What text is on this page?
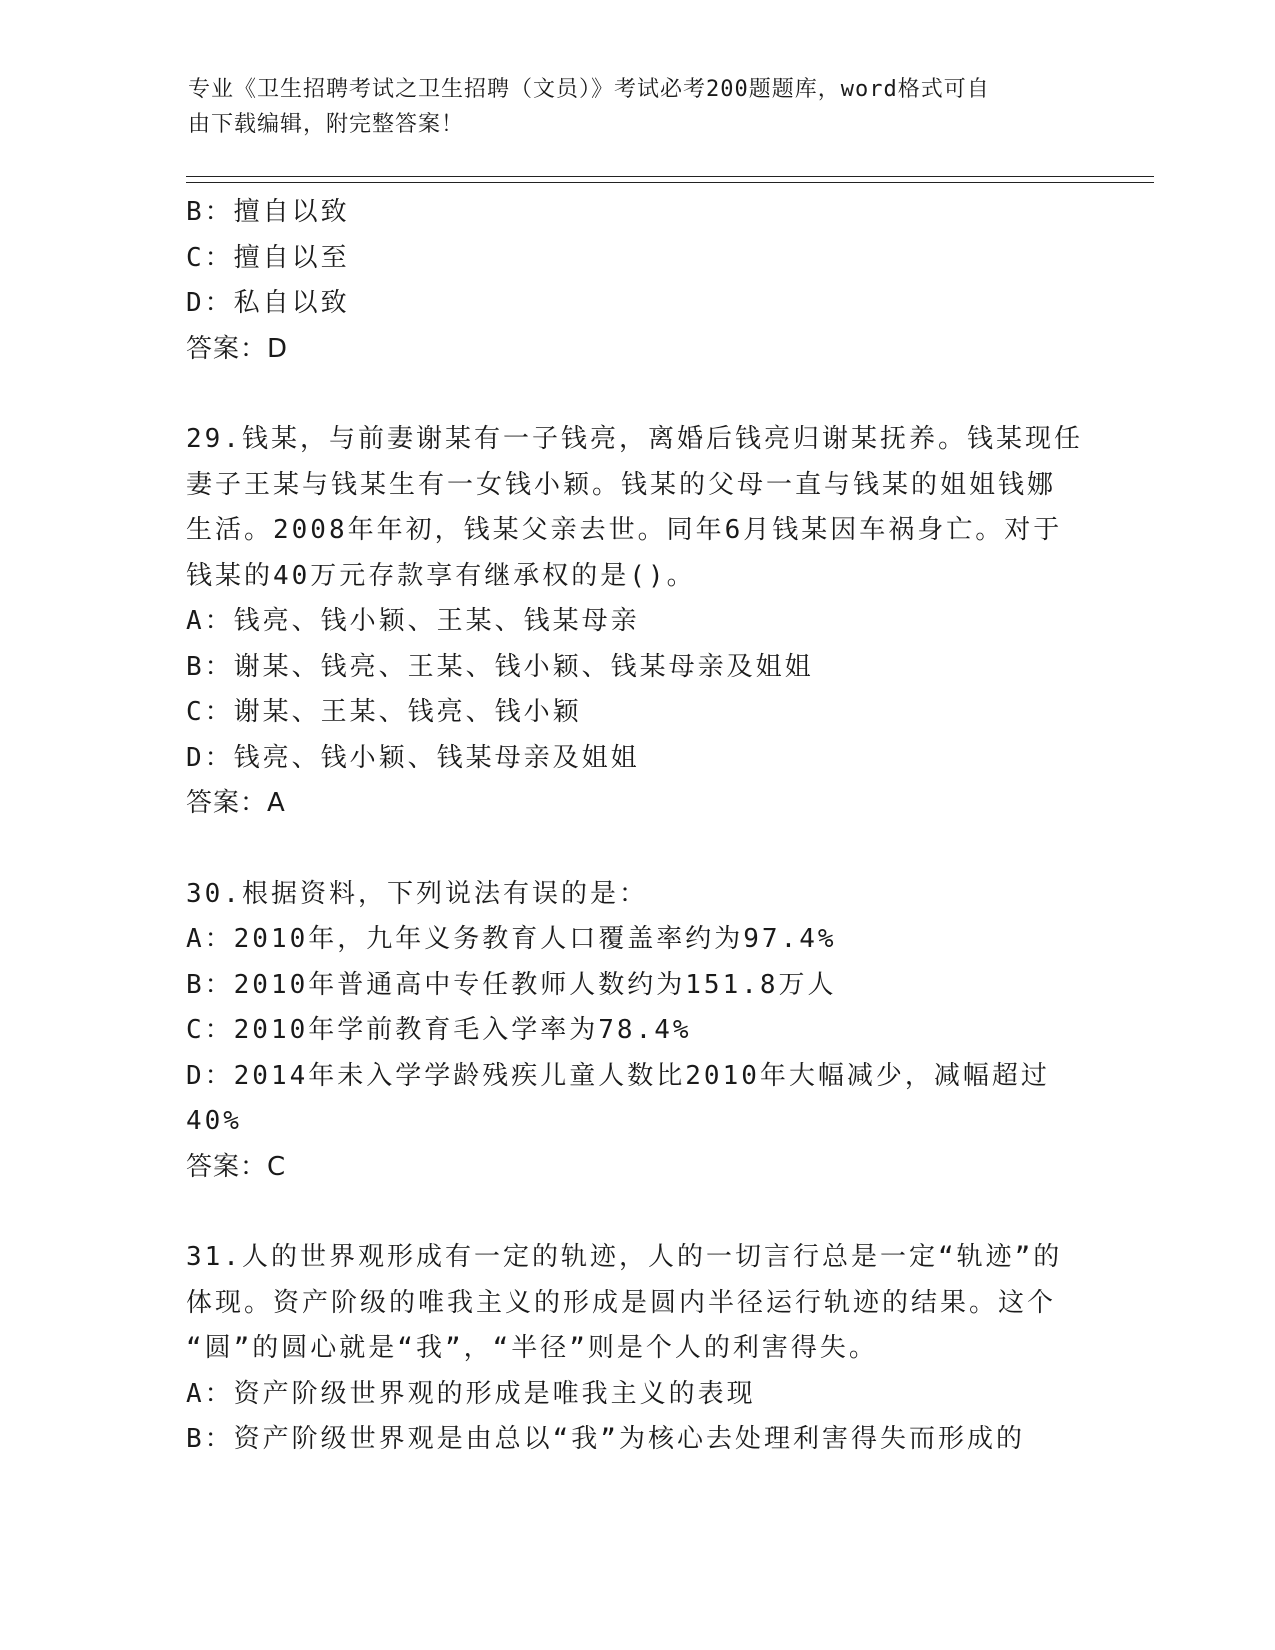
专业《卫生招聘考试之卫生招聘（文员）》考试必考200题题库，word格式可自
由下载编辑，附完整答案！
B：擅自以致
C：擅自以至
D：私自以致
答案：D
29.钱某，与前妻谢某有一子钱亮，离婚后钱亮归谢某抚养。钱某现任
妻子王某与钱某生有一女钱小颖。钱某的父母一直与钱某的姐姐钱娜
生活。2008年年初，钱某父亲去世。同年6月钱某因车祸身亡。对于
钱某的40万元存款享有继承权的是()。
A：钱亮、钱小颖、王某、钱某母亲
B：谢某、钱亮、王某、钱小颖、钱某母亲及姐姐
C：谢某、王某、钱亮、钱小颖
D：钱亮、钱小颖、钱某母亲及姐姐
答案：A
30.根据资料，下列说法有误的是：
A：2010年，九年义务教育人口覆盖率约为97.4%
B：2010年普通高中专任教师人数约为151.8万人
C：2010年学前教育毛入学率为78.4%
D：2014年未入学学龄残疾儿童人数比2010年大幅减少，减幅超过
40%
答案：C
31.人的世界观形成有一定的轨迹，人的一切言行总是一定“轨迹”的
体现。资产阶级的唯我主义的形成是圆内半径运行轨迹的结果。这个
“圆”的圆心就是“我”，“半径”则是个人的利害得失。
A：资产阶级世界观的形成是唯我主义的表现
B：资产阶级世界观是由总以“我”为核心去处理利害得失而形成的
